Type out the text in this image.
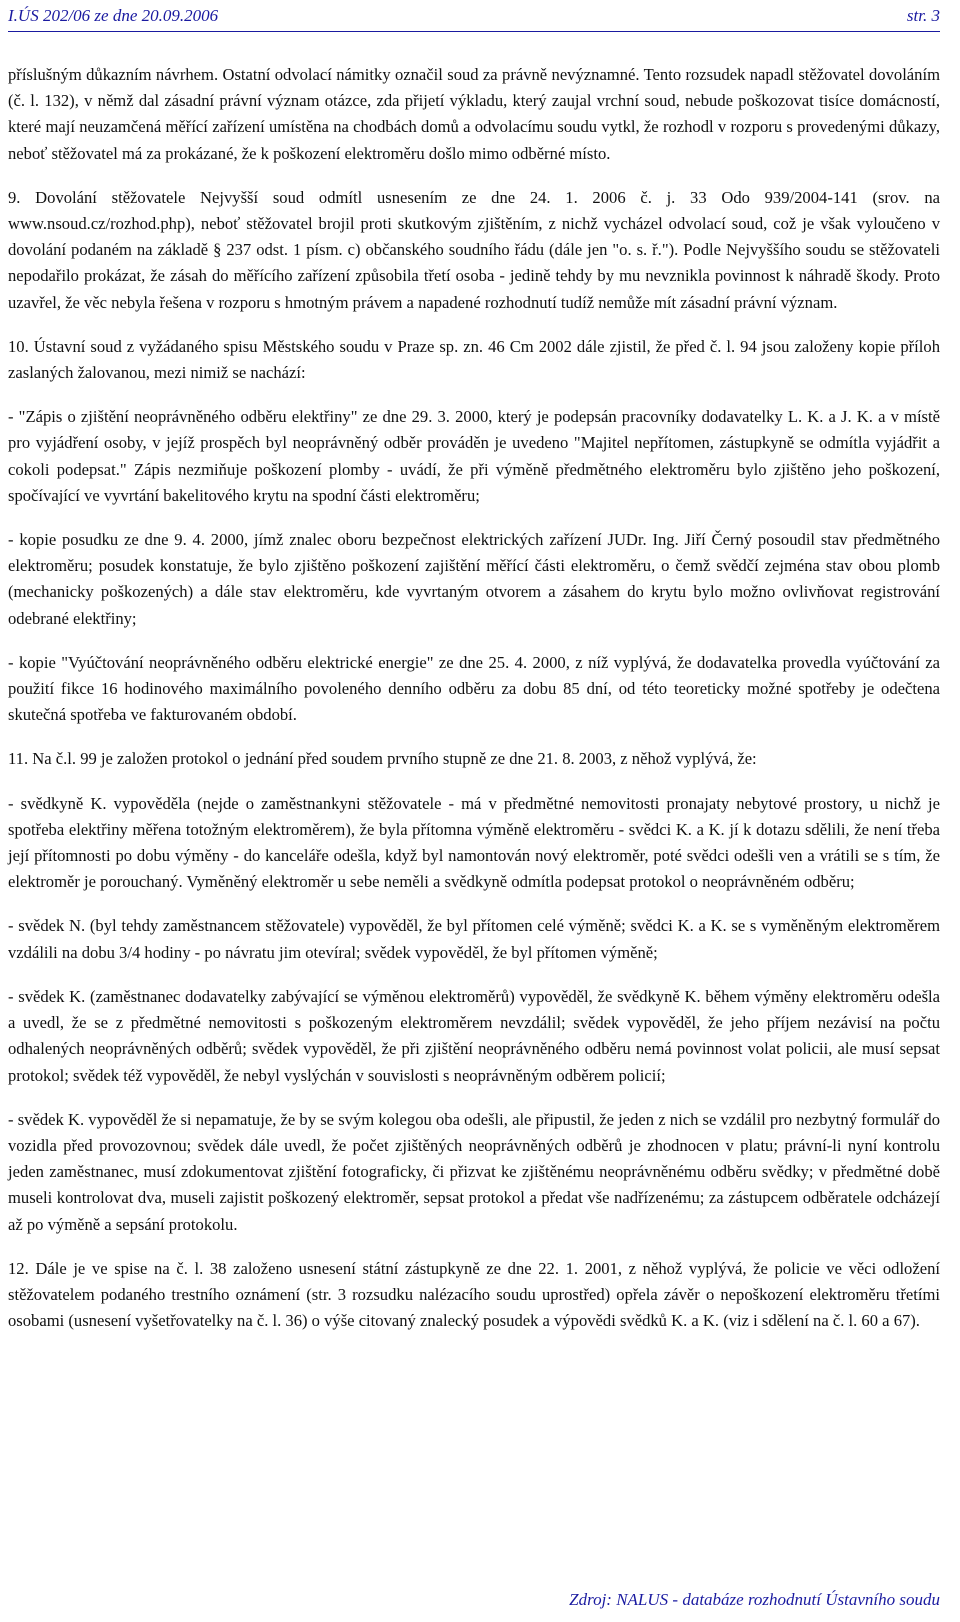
I.ÚS 202/06 ze dne 20.09.2006	str. 3

příslušným důkazním návrhem. Ostatní odvolací námitky označil soud za právně nevýznamné. Tento rozsudek napadl stěžovatel dovoláním (č. l. 132), v němž dal zásadní právní význam otázce, zda přijetí výkladu, který zaujal vrchní soud, nebude poškozovat tisíce domácností, které mají neuzamčená měřící zařízení umístěna na chodbách domů a odvolacímu soudu vytkl, že rozhodl v rozporu s provedenými důkazy, neboť stěžovatel má za prokázané, že k poškození elektroměru došlo mimo odběrné místo.

9. Dovolání stěžovatele Nejvyšší soud odmítl usnesením ze dne 24. 1. 2006 č. j. 33 Odo 939/2004-141 (srov. na www.nsoud.cz/rozhod.php), neboť stěžovatel brojil proti skutkovým zjištěním, z nichž vycházel odvolací soud, což je však vyloučeno v dovolání podaném na základě § 237 odst. 1 písm. c) občanského soudního řádu (dále jen "o. s. ř."). Podle Nejvyššího soudu se stěžovateli nepodařilo prokázat, že zásah do měřícího zařízení způsobila třetí osoba - jedině tehdy by mu nevznikla povinnost k náhradě škody. Proto uzavřel, že věc nebyla řešena v rozporu s hmotným právem a napadené rozhodnutí tudíž nemůže mít zásadní právní význam.

10. Ústavní soud z vyžádaného spisu Městského soudu v Praze sp. zn. 46 Cm 2002 dále zjistil, že před č. l. 94 jsou založeny kopie příloh zaslaných žalovanou, mezi nimiž se nachází:

- "Zápis o zjištění neoprávněného odběru elektřiny" ze dne 29. 3. 2000, který je podepsán pracovníky dodavatelky L. K. a J. K. a v místě pro vyjádření osoby, v jejíž prospěch byl neoprávněný odběr prováděn je uvedeno "Majitel nepřítomen, zástupkyně se odmítla vyjádřit a cokoli podepsat." Zápis nezmiňuje poškození plomby - uvádí, že při výměně předmětného elektroměru bylo zjištěno jeho poškození, spočívající ve vyvrtání bakelitového krytu na spodní části elektroměru;

- kopie posudku ze dne 9. 4. 2000, jímž znalec oboru bezpečnost elektrických zařízení JUDr. Ing. Jiří Černý posoudil stav předmětného elektroměru; posudek konstatuje, že bylo zjištěno poškození zajištění měřící části elektroměru, o čemž svědčí zejména stav obou plomb (mechanicky poškozených) a dále stav elektroměru, kde vyvrtaným otvorem a zásahem do krytu bylo možno ovlivňovat registrování odebrané elektřiny;

- kopie "Vyúčtování neoprávněného odběru elektrické energie" ze dne 25. 4. 2000, z níž vyplývá, že dodavatelka provedla vyúčtování za použití fikce 16 hodinového maximálního povoleného denního odběru za dobu 85 dní, od této teoreticky možné spotřeby je odečtena skutečná spotřeba ve fakturovaném období.

11. Na č.l. 99 je založen protokol o jednání před soudem prvního stupně ze dne 21. 8. 2003, z něhož vyplývá, že:

- svědkyně K. vypověděla (nejde o zaměstnankyni stěžovatele - má v předmětné nemovitosti pronajaty nebytové prostory, u nichž je spotřeba elektřiny měřena totožným elektroměrem), že byla přítomna výměně elektroměru - svědci K. a K. jí k dotazu sdělili, že není třeba její přítomnosti po dobu výměny - do kanceláře odešla, když byl namontován nový elektroměr, poté svědci odešli ven a vrátili se s tím, že elektroměr je porouchaný. Vyměněný elektroměr u sebe neměli a svědkyně odmítla podepsat protokol o neoprávněném odběru;

- svědek N. (byl tehdy zaměstnancem stěžovatele) vypověděl, že byl přítomen celé výměně; svědci K. a K. se s vyměněným elektroměrem vzdálili na dobu 3/4 hodiny - po návratu jim otevíral; svědek vypověděl, že byl přítomen výměně;

- svědek K. (zaměstnanec dodavatelky zabývající se výměnou elektroměrů) vypověděl, že svědkyně K. během výměny elektroměru odešla a uvedl, že se z předmětné nemovitosti s poškozeným elektroměrem nevzdálil; svědek vypověděl, že jeho příjem nezávisí na počtu odhalených neoprávněných odběrů; svědek vypověděl, že při zjištění neoprávněného odběru nemá povinnost volat policii, ale musí sepsat protokol; svědek též vypověděl, že nebyl vyslýchán v souvislosti s neoprávněným odběrem policií;

- svědek K. vypověděl že si nepamatuje, že by se svým kolegou oba odešli, ale připustil, že jeden z nich se vzdálil pro nezbytný formulář do vozidla před provozovnou; svědek dále uvedl, že počet zjištěných neoprávněných odběrů je zhodnocen v platu; právní-li nyní kontrolu jeden zaměstnanec, musí zdokumentovat zjištění fotograficky, či přizvat ke zjištěnému neoprávněnému odběru svědky; v předmětné době museli kontrolovat dva, museli zajistit poškozený elektroměr, sepsat protokol a předat vše nadřízenému; za zástupcem odběratele odcházejí až po výměně a sepsání protokolu.

12. Dále je ve spise na č. l. 38 založeno usnesení státní zástupkyně ze dne 22. 1. 2001, z něhož vyplývá, že policie ve věci odložení stěžovatelem podaného trestního oznámení (str. 3 rozsudku nalézacího soudu uprostřed) opřela závěr o nepoškození elektroměru třetími osobami (usnesení vyšetřovatelky na č. l. 36) o výše citovaný znalecký posudek a výpovědi svědků K. a K. (viz i sdělení na č. l. 60 a 67).

Zdroj: NALUS - databáze rozhodnutí Ústavního soudu
